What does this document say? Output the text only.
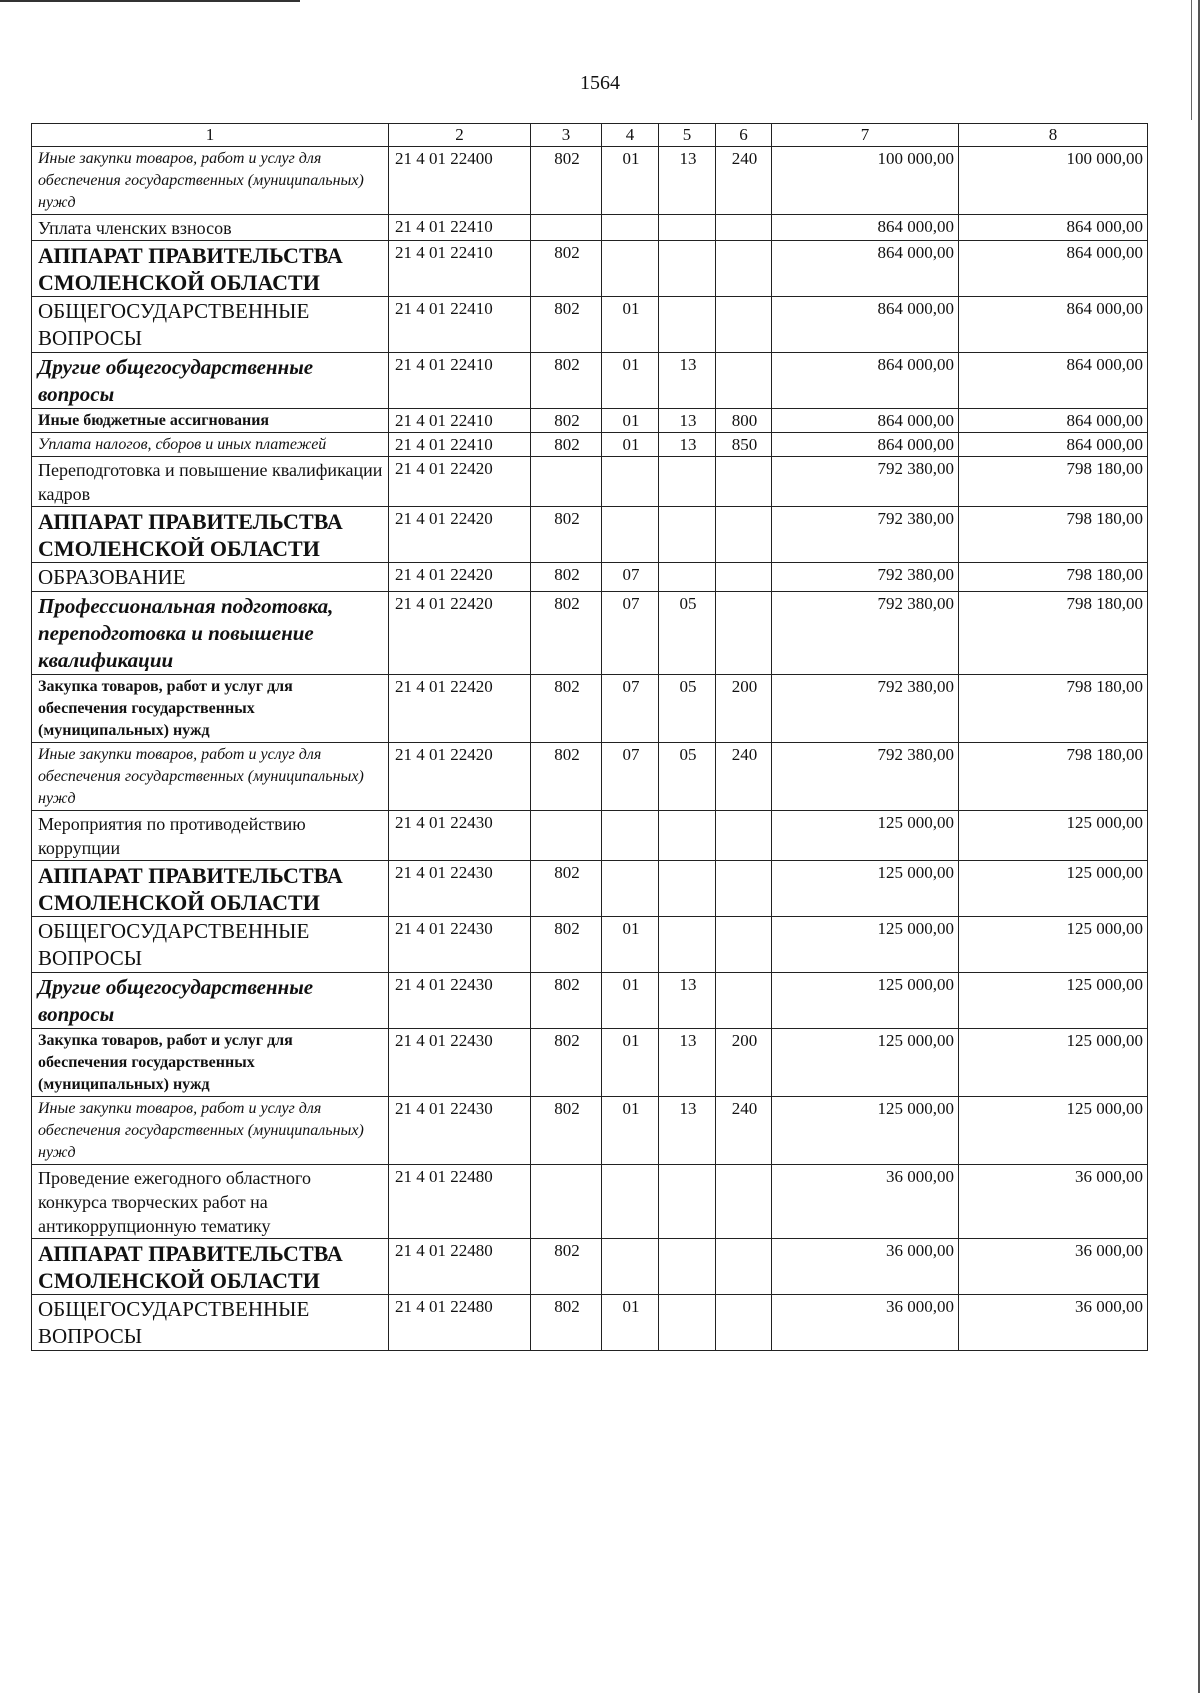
1564
1	2	3	4	5	6	7	8
Иные закупки товаров, работ и услуг для обеспечения государственных (муниципальных) нужд	21 4 01 22400	802	01	13	240	100 000,00	100 000,00
Уплата членских взносов	21 4 01 22410					864 000,00	864 000,00
АППАРАТ ПРАВИТЕЛЬСТВА СМОЛЕНСКОЙ ОБЛАСТИ	21 4 01 22410	802				864 000,00	864 000,00
ОБЩЕГОСУДАРСТВЕННЫЕ ВОПРОСЫ	21 4 01 22410	802	01			864 000,00	864 000,00
Другие общегосударственные вопросы	21 4 01 22410	802	01	13		864 000,00	864 000,00
Иные бюджетные ассигнования	21 4 01 22410	802	01	13	800	864 000,00	864 000,00
Уплата налогов, сборов и иных платежей	21 4 01 22410	802	01	13	850	864 000,00	864 000,00
Переподготовка и повышение квалификации кадров	21 4 01 22420					792 380,00	798 180,00
АППАРАТ ПРАВИТЕЛЬСТВА СМОЛЕНСКОЙ ОБЛАСТИ	21 4 01 22420	802				792 380,00	798 180,00
ОБРАЗОВАНИЕ	21 4 01 22420	802	07			792 380,00	798 180,00
Профессиональная подготовка, переподготовка и повышение квалификации	21 4 01 22420	802	07	05		792 380,00	798 180,00
Закупка товаров, работ и услуг для обеспечения государственных (муниципальных) нужд	21 4 01 22420	802	07	05	200	792 380,00	798 180,00
Иные закупки товаров, работ и услуг для обеспечения государственных (муниципальных) нужд	21 4 01 22420	802	07	05	240	792 380,00	798 180,00
Мероприятия по противодействию коррупции	21 4 01 22430					125 000,00	125 000,00
АППАРАТ ПРАВИТЕЛЬСТВА СМОЛЕНСКОЙ ОБЛАСТИ	21 4 01 22430	802				125 000,00	125 000,00
ОБЩЕГОСУДАРСТВЕННЫЕ ВОПРОСЫ	21 4 01 22430	802	01			125 000,00	125 000,00
Другие общегосударственные вопросы	21 4 01 22430	802	01	13		125 000,00	125 000,00
Закупка товаров, работ и услуг для обеспечения государственных (муниципальных) нужд	21 4 01 22430	802	01	13	200	125 000,00	125 000,00
Иные закупки товаров, работ и услуг для обеспечения государственных (муниципальных) нужд	21 4 01 22430	802	01	13	240	125 000,00	125 000,00
Проведение ежегодного областного конкурса творческих работ на антикоррупционную тематику	21 4 01 22480					36 000,00	36 000,00
АППАРАТ ПРАВИТЕЛЬСТВА СМОЛЕНСКОЙ ОБЛАСТИ	21 4 01 22480	802				36 000,00	36 000,00
ОБЩЕГОСУДАРСТВЕННЫЕ ВОПРОСЫ	21 4 01 22480	802	01			36 000,00	36 000,00
